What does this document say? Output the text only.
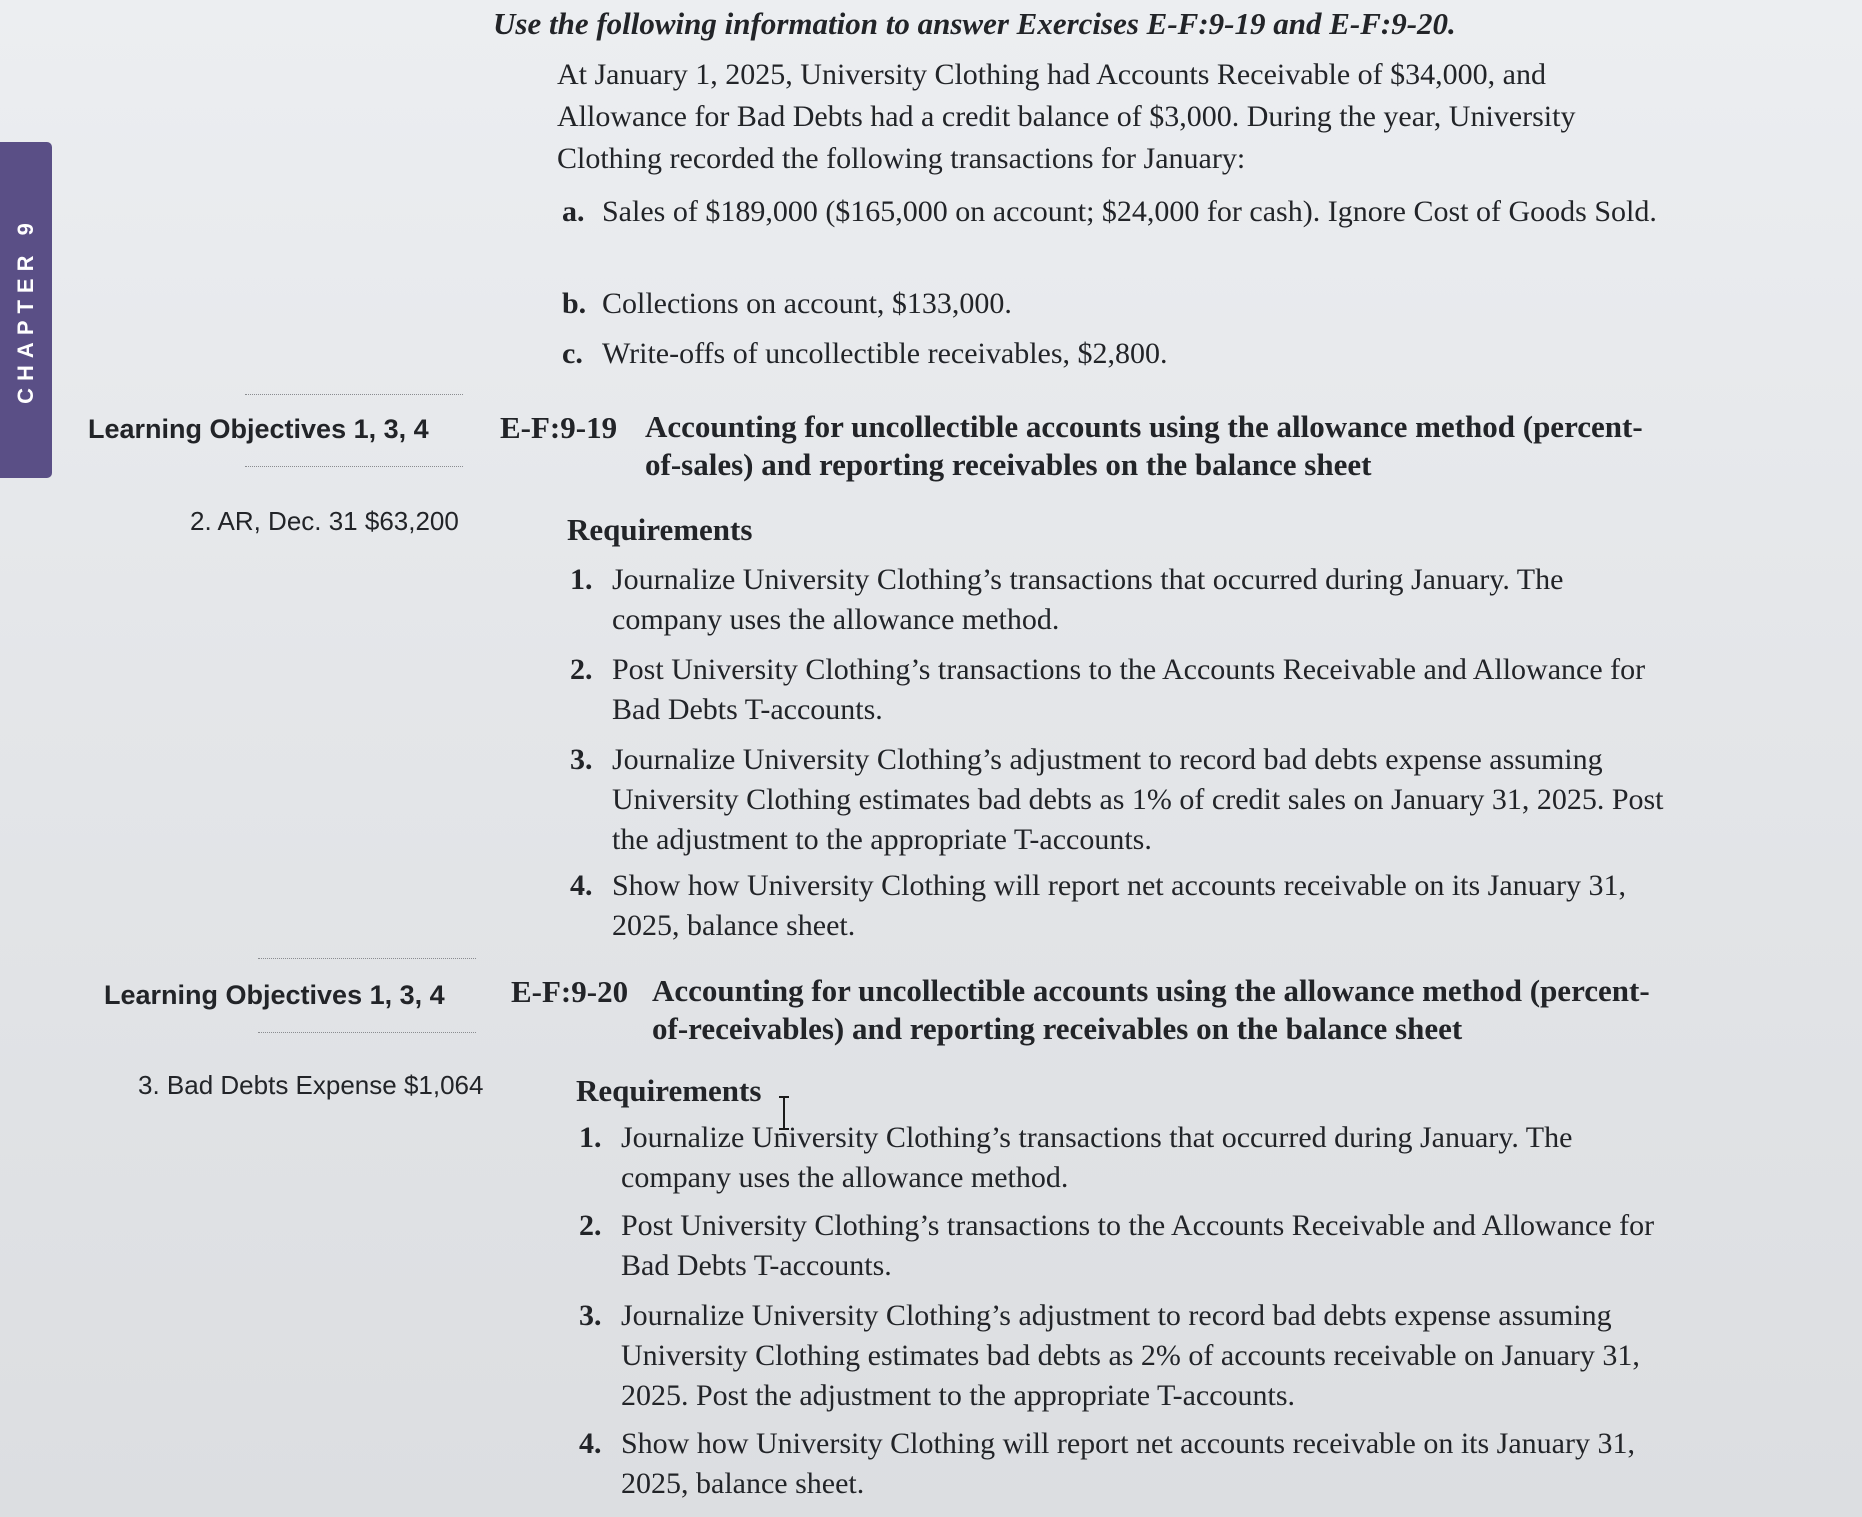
CHAPTER 9
Use the following information to answer Exercises E-F:9-19 and E-F:9-20.
At January 1, 2025, University Clothing had Accounts Receivable of $34,000, and Allowance for Bad Debts had a credit balance of $3,000. During the year, University Clothing recorded the following transactions for January:
a. Sales of $189,000 ($165,000 on account; $24,000 for cash). Ignore Cost of Goods Sold.
b. Collections on account, $133,000.
c. Write-offs of uncollectible receivables, $2,800.
Learning Objectives 1, 3, 4
2. AR, Dec. 31 $63,200
E-F:9-19 Accounting for uncollectible accounts using the allowance method (percent-of-sales) and reporting receivables on the balance sheet
Requirements
1. Journalize University Clothing’s transactions that occurred during January. The company uses the allowance method.
2. Post University Clothing’s transactions to the Accounts Receivable and Allowance for Bad Debts T-accounts.
3. Journalize University Clothing’s adjustment to record bad debts expense assuming University Clothing estimates bad debts as 1% of credit sales on January 31, 2025. Post the adjustment to the appropriate T-accounts.
4. Show how University Clothing will report net accounts receivable on its January 31, 2025, balance sheet.
Learning Objectives 1, 3, 4
3. Bad Debts Expense $1,064
E-F:9-20 Accounting for uncollectible accounts using the allowance method (percent-of-receivables) and reporting receivables on the balance sheet
Requirements
1. Journalize University Clothing’s transactions that occurred during January. The company uses the allowance method.
2. Post University Clothing’s transactions to the Accounts Receivable and Allowance for Bad Debts T-accounts.
3. Journalize University Clothing’s adjustment to record bad debts expense assuming University Clothing estimates bad debts as 2% of accounts receivable on January 31, 2025. Post the adjustment to the appropriate T-accounts.
4. Show how University Clothing will report net accounts receivable on its January 31, 2025, balance sheet.
